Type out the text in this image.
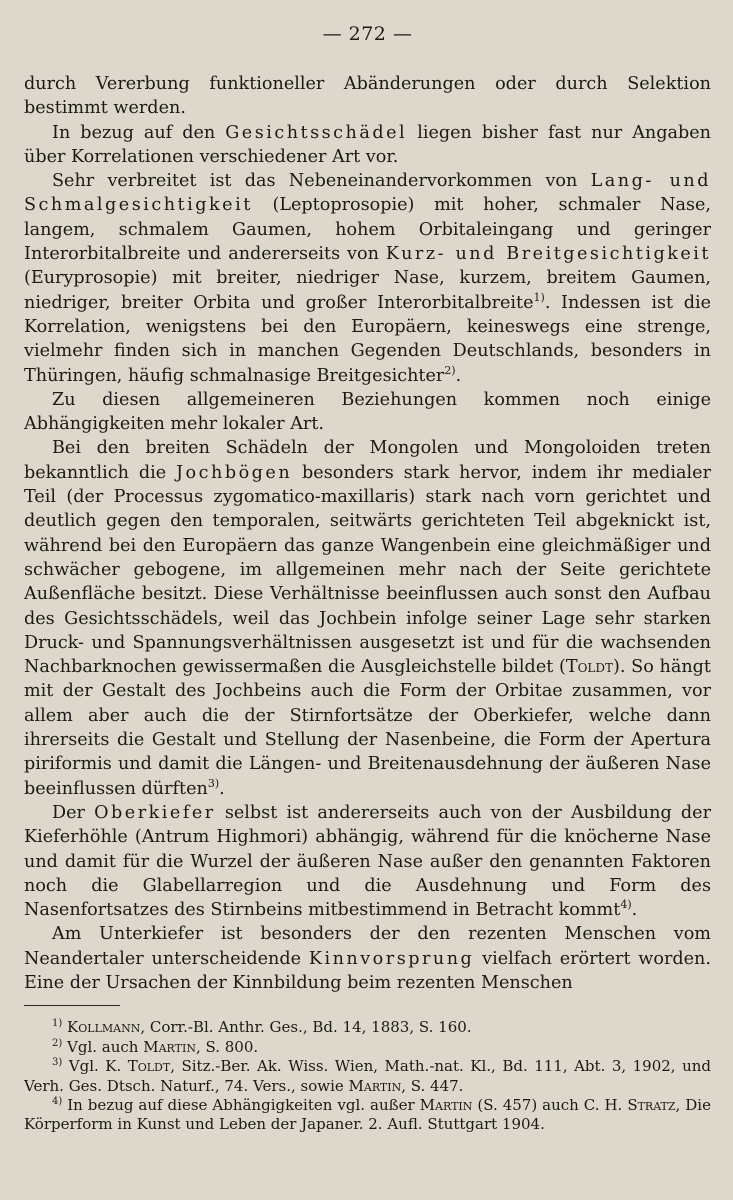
— 272 —

durch Vererbung funktioneller Abänderungen oder durch Selektion bestimmt werden.

In bezug auf den Gesichtsschädel liegen bisher fast nur Angaben über Korrelationen verschiedener Art vor.

Sehr verbreitet ist das Nebeneinandervorkommen von Lang- und Schmalgesichtigkeit (Leptoprosopie) mit hoher, schmaler Nase, langem, schmalem Gaumen, hohem Orbitaleingang und geringer Interorbitalbreite und andererseits von Kurz- und Breitgesichtigkeit (Euryprosopie) mit breiter, niedriger Nase, kurzem, breitem Gaumen, niedriger, breiter Orbita und großer Interorbitalbreite$^{1)}$. Indessen ist die Korrelation, wenigstens bei den Europäern, keineswegs eine strenge, vielmehr finden sich in manchen Gegenden Deutschlands, besonders in Thüringen, häufig schmalnasige Breitgesichter$^{2)}$.

Zu diesen allgemeineren Beziehungen kommen noch einige Abhängigkeiten mehr lokaler Art.

Bei den breiten Schädeln der Mongolen und Mongoloiden treten bekanntlich die Jochbögen besonders stark hervor, indem ihr medialer Teil (der Processus zygomatico-maxillaris) stark nach vorn gerichtet und deutlich gegen den temporalen, seitwärts gerichteten Teil abgeknickt ist, während bei den Europäern das ganze Wangenbein eine gleichmäßiger und schwächer gebogene, im allgemeinen mehr nach der Seite gerichtete Außenfläche besitzt. Diese Verhältnisse beeinflussen auch sonst den Aufbau des Gesichtsschädels, weil das Jochbein infolge seiner Lage sehr starken Druck- und Spannungsverhältnissen ausgesetzt ist und für die wachsenden Nachbarknochen gewissermaßen die Ausgleichstelle bildet (Toldt). So hängt mit der Gestalt des Jochbeins auch die Form der Orbitae zusammen, vor allem aber auch die der Stirnfortsätze der Oberkiefer, welche dann ihrerseits die Gestalt und Stellung der Nasenbeine, die Form der Apertura piriformis und damit die Längen- und Breitenausdehnung der äußeren Nase beeinflussen dürften$^{3)}$.

Der Oberkiefer selbst ist andererseits auch von der Ausbildung der Kieferhöhle (Antrum Highmori) abhängig, während für die knöcherne Nase und damit für die Wurzel der äußeren Nase außer den genannten Faktoren noch die Glabellarregion und die Ausdehnung und Form des Nasenfortsatzes des Stirnbeins mitbestimmend in Betracht kommt$^{4)}$.

Am Unterkiefer ist besonders der den rezenten Menschen vom Neandertaler unterscheidende Kinnvorsprung vielfach erörtert worden. Eine der Ursachen der Kinnbildung beim rezenten Menschen

$^{1)}$ Kollmann, Corr.-Bl. Anthr. Ges., Bd. 14, 1883, S. 160.

$^{2)}$ Vgl. auch Martin, S. 800.

$^{3)}$ Vgl. K. Toldt, Sitz.-Ber. Ak. Wiss. Wien, Math.-nat. Kl., Bd. 111, Abt. 3, 1902, und Verh. Ges. Dtsch. Naturf., 74. Vers., sowie Martin, S. 447.

$^{4)}$ In bezug auf diese Abhängigkeiten vgl. außer Martin (S. 457) auch C. H. Stratz, Die Körperform in Kunst und Leben der Japaner. 2. Aufl. Stuttgart 1904.
